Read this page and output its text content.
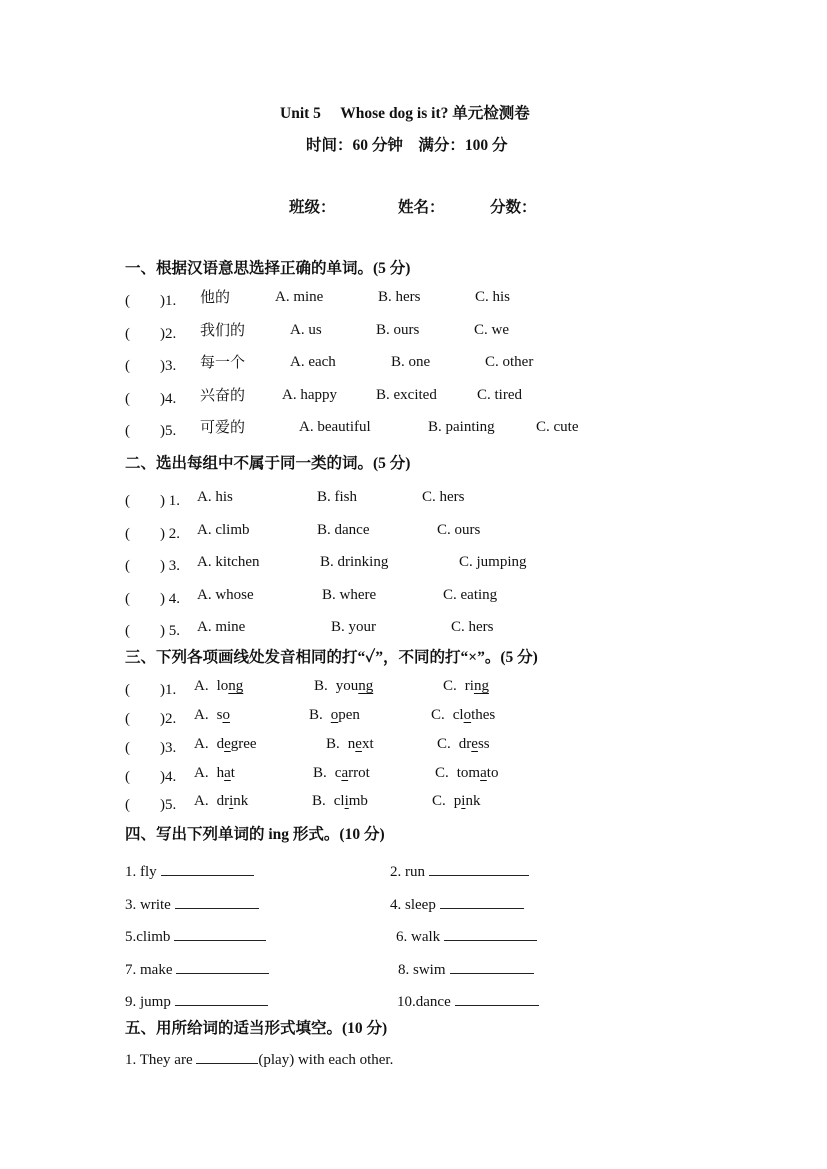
Unit 5 　Whose dog is it? 单元检测卷
时间：60 分钟　满分：100 分
班级：	姓名：	分数：
一、根据汉语意思选择正确的单词。(5 分)
(　　)1. 他的	A. mine	B. hers	C. his
(　　)2. 我们的	A. us	B. ours	C. we
(　　)3. 每一个	A. each	B. one	C. other
(　　)4. 兴奋的 A. happy	B. excited	C. tired
(　　)5. 可爱的	A. beautiful	B. painting	C. cute
二、选出每组中不属于同一类的词。(5 分)
(　　) 1. A. his	B. fish	C. hers
(　　) 2. A. climb	B. dance	C. ours
(　　) 3. A. kitchen	B. drinking	C. jumping
(　　) 4. A. whose	B. where	C. eating
(　　) 5. A. mine	B. your	C. hers
三、下列各项画线处发音相同的打“✓”，不同的打“×”。(5 分)
(　　)1. A. long	B. young	C. ring
(　　)2. A. so	B. open	C. clothes
(　　)3. A. degree	B. next	C. dress
(　　)4. A. hat	B. carrot	C. tomato
(　　)5. A. drink	B. climb	C. pink
四、写出下列单词的 ing 形式。(10 分)
1. fly	2. run
3. write	4. sleep
5.climb	6. walk
7. make	8. swim
9. jump	10.dance
五、用所给词的适当形式填空。(10 分)
1. They are	(play) with each other.
